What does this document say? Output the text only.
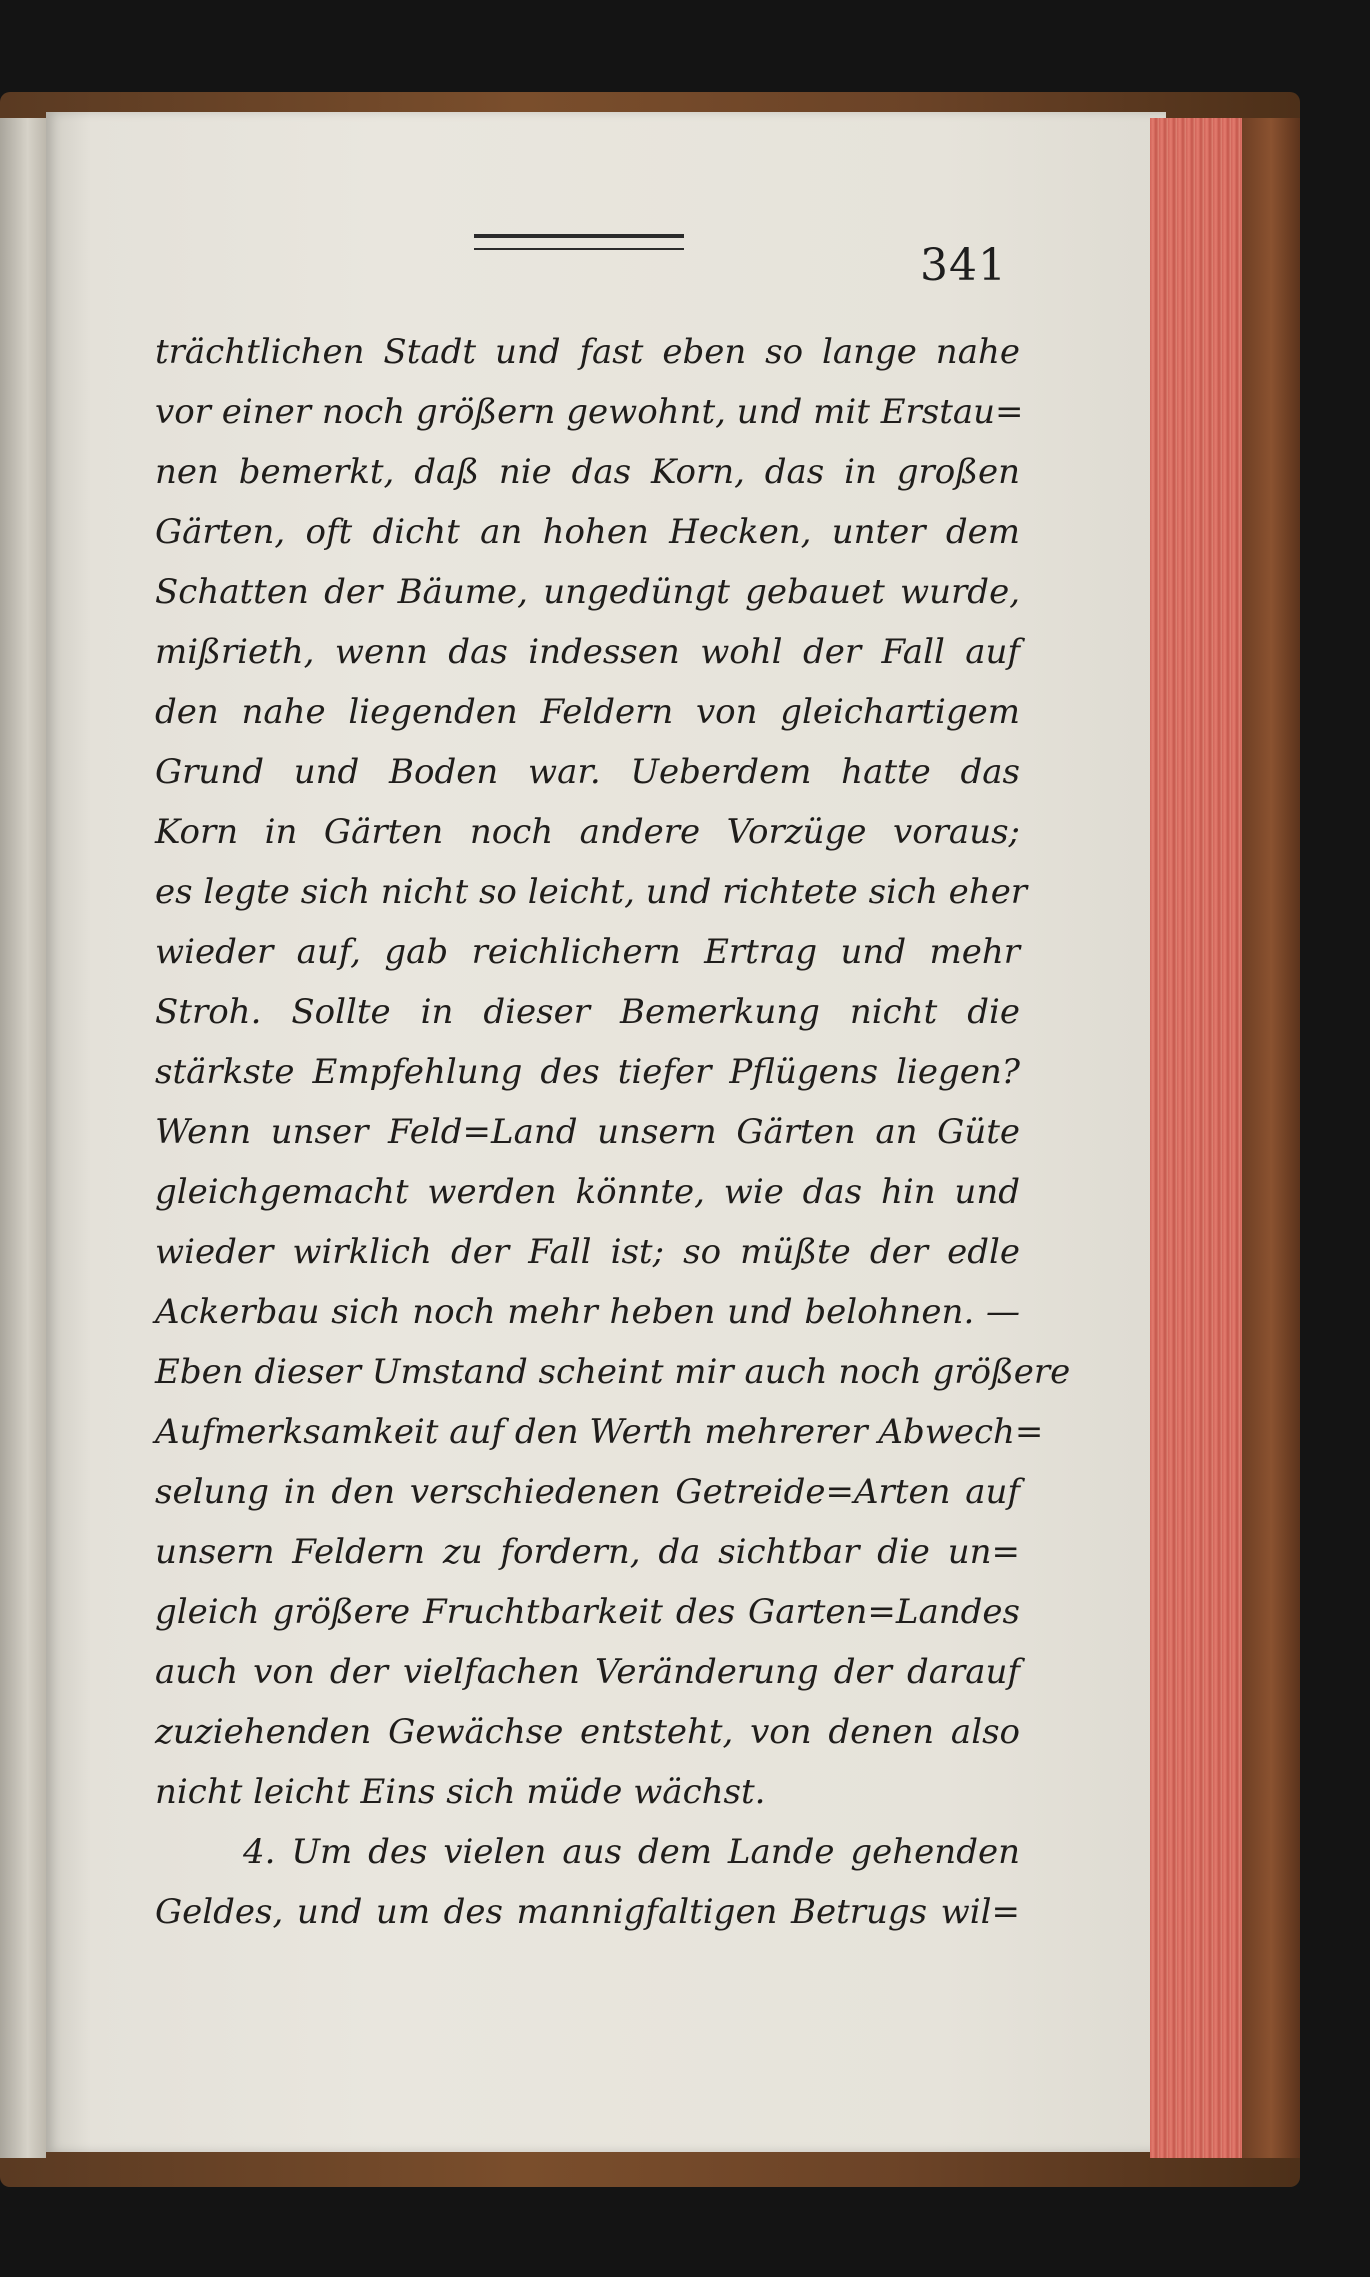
341
trächtlichen Stadt und fast eben so lange nahe
vor einer noch größern gewohnt, und mit Erstau=
nen bemerkt, daß nie das Korn, das in großen
Gärten, oft dicht an hohen Hecken, unter dem
Schatten der Bäume, ungedüngt gebauet wurde,
mißrieth, wenn das indessen wohl der Fall auf
den nahe liegenden Feldern von gleichartigem
Grund und Boden war. Ueberdem hatte das
Korn in Gärten noch andere Vorzüge voraus;
es legte sich nicht so leicht, und richtete sich eher
wieder auf, gab reichlichern Ertrag und mehr
Stroh. Sollte in dieser Bemerkung nicht die
stärkste Empfehlung des tiefer Pflügens liegen?
Wenn unser Feld=Land unsern Gärten an Güte
gleichgemacht werden könnte, wie das hin und
wieder wirklich der Fall ist; so müßte der edle
Ackerbau sich noch mehr heben und belohnen. —
Eben dieser Umstand scheint mir auch noch größere
Aufmerksamkeit auf den Werth mehrerer Abwech=
selung in den verschiedenen Getreide=Arten auf
unsern Feldern zu fordern, da sichtbar die un=
gleich größere Fruchtbarkeit des Garten=Landes
auch von der vielfachen Veränderung der darauf
zuziehenden Gewächse entsteht, von denen also
nicht leicht Eins sich müde wächst.
4. Um des vielen aus dem Lande gehenden
Geldes, und um des mannigfaltigen Betrugs wil=
